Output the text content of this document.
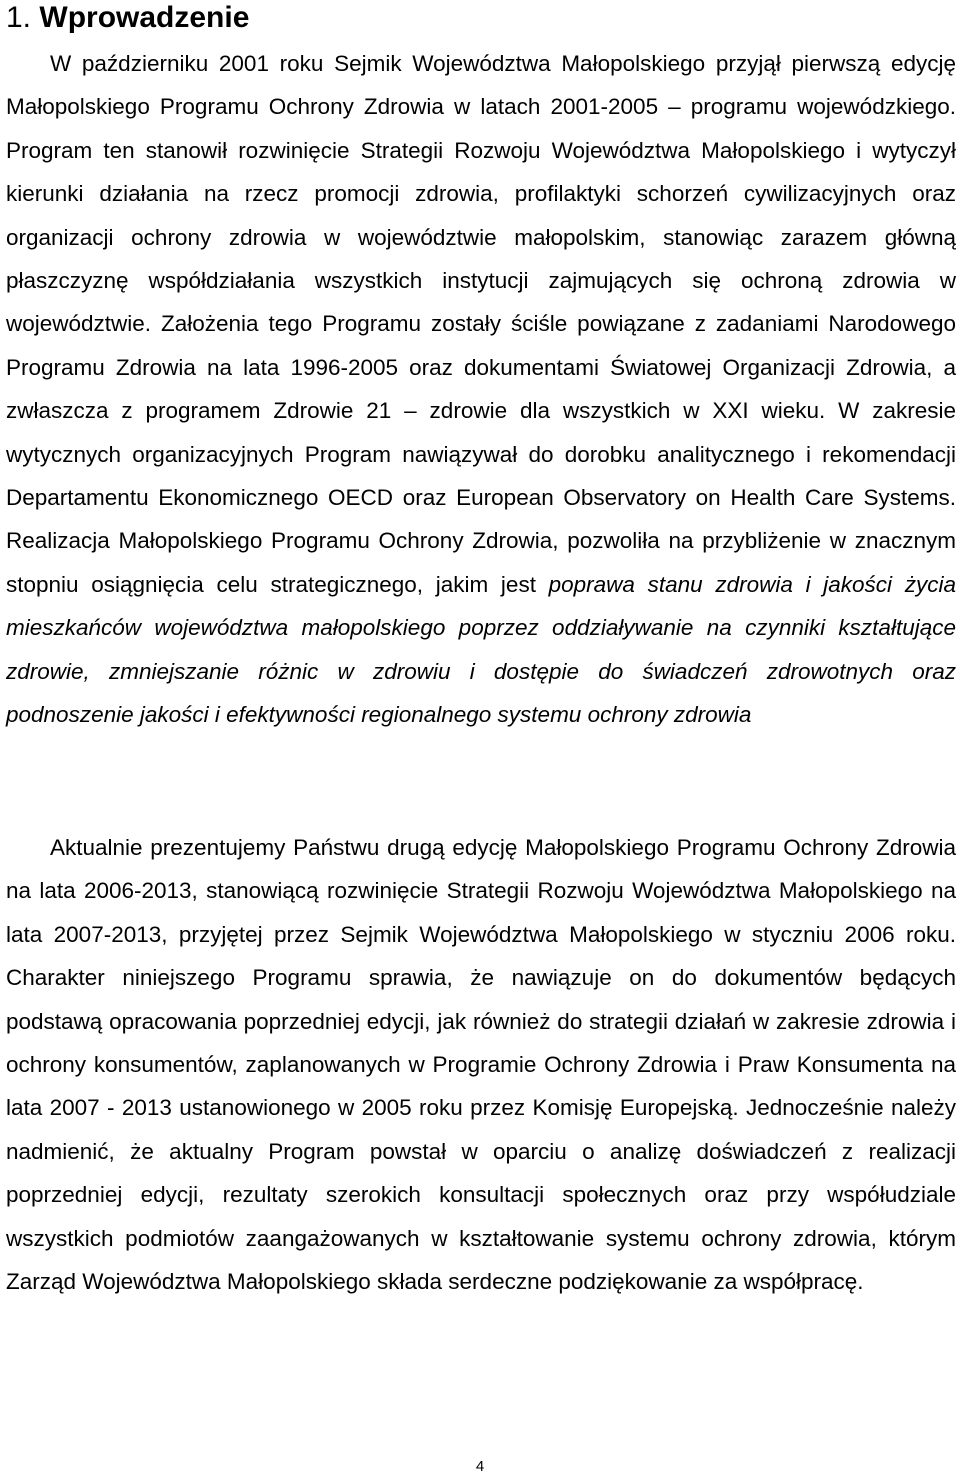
1. Wprowadzenie

W październiku 2001 roku Sejmik Województwa Małopolskiego przyjął pierwszą edycję Małopolskiego Programu Ochrony Zdrowia w latach 2001-2005 – programu wojewódzkiego. Program ten stanowił rozwinięcie Strategii Rozwoju Województwa Małopolskiego i wytyczył kierunki działania na rzecz promocji zdrowia, profilaktyki schorzeń cywilizacyjnych oraz organizacji ochrony zdrowia w województwie małopolskim, stanowiąc zarazem główną płaszczyznę współdziałania wszystkich instytucji zajmujących się ochroną zdrowia w województwie. Założenia tego Programu zostały ściśle powiązane z zadaniami Narodowego Programu Zdrowia na lata 1996-2005 oraz dokumentami Światowej Organizacji Zdrowia, a zwłaszcza z programem Zdrowie 21 – zdrowie dla wszystkich w XXI wieku. W zakresie wytycznych organizacyjnych Program nawiązywał do dorobku analitycznego i rekomendacji Departamentu Ekonomicznego OECD oraz European Observatory on Health Care Systems. Realizacja Małopolskiego Programu Ochrony Zdrowia, pozwoliła na przybliżenie w znacznym stopniu osiągnięcia celu strategicznego, jakim jest poprawa stanu zdrowia i jakości życia mieszkańców województwa małopolskiego poprzez oddziaływanie na czynniki kształtujące zdrowie, zmniejszanie różnic w zdrowiu i dostępie do świadczeń zdrowotnych oraz podnoszenie jakości i efektywności regionalnego systemu ochrony zdrowia

Aktualnie prezentujemy Państwu drugą edycję Małopolskiego Programu Ochrony Zdrowia na lata 2006-2013, stanowiącą rozwinięcie Strategii Rozwoju Województwa Małopolskiego na lata 2007-2013, przyjętej przez Sejmik Województwa Małopolskiego w styczniu 2006 roku. Charakter niniejszego Programu sprawia, że nawiązuje on do dokumentów będących podstawą opracowania poprzedniej edycji, jak również do strategii działań w zakresie zdrowia i ochrony konsumentów, zaplanowanych w Programie Ochrony Zdrowia i Praw Konsumenta na lata 2007 - 2013 ustanowionego w 2005 roku przez Komisję Europejską. Jednocześnie należy nadmienić, że aktualny Program powstał w oparciu o analizę doświadczeń z realizacji poprzedniej edycji, rezultaty szerokich konsultacji społecznych oraz przy współudziale wszystkich podmiotów zaangażowanych w kształtowanie systemu ochrony zdrowia, którym Zarząd Województwa Małopolskiego składa serdeczne podziękowanie za współpracę.

4
